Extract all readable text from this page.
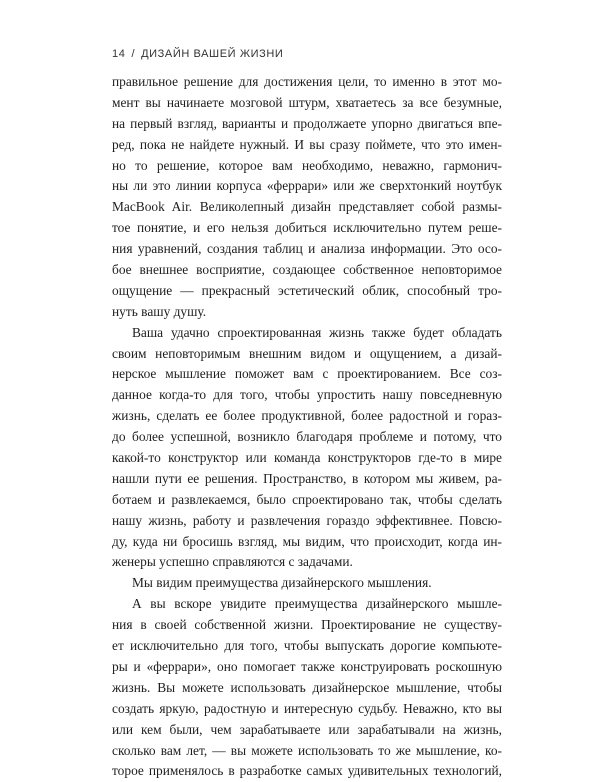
14 / ДИЗАЙН ВАШЕЙ ЖИЗНИ
правильное решение для достижения цели, то именно в этот мо-
мент вы начинаете мозговой штурм, хватаетесь за все безумные,
на первый взгляд, варианты и продолжаете упорно двигаться впе-
ред, пока не найдете нужный. И вы сразу поймете, что это имен-
но то решение, которое вам необходимо, неважно, гармонич-
ны ли это линии корпуса «феррари» или же сверхтонкий ноутбук
MacBook Air. Великолепный дизайн представляет собой размы-
тое понятие, и его нельзя добиться исключительно путем реше-
ния уравнений, создания таблиц и анализа информации. Это осо-
бое внешнее восприятие, создающее собственное неповторимое
ощущение — прекрасный эстетический облик, способный тро-
нуть вашу душу.
Ваша удачно спроектированная жизнь также будет обладать
своим неповторимым внешним видом и ощущением, а дизай-
нерское мышление поможет вам с проектированием. Все соз-
данное когда-то для того, чтобы упростить нашу повседневную
жизнь, сделать ее более продуктивной, более радостной и гораз-
до более успешной, возникло благодаря проблеме и потому, что
какой-то конструктор или команда конструкторов где-то в мире
нашли пути ее решения. Пространство, в котором мы живем, ра-
ботаем и развлекаемся, было спроектировано так, чтобы сделать
нашу жизнь, работу и развлечения гораздо эффективнее. Повсю-
ду, куда ни бросишь взгляд, мы видим, что происходит, когда ин-
женеры успешно справляются с задачами.
Мы видим преимущества дизайнерского мышления.
А вы вскоре увидите преимущества дизайнерского мышле-
ния в своей собственной жизни. Проектирование не существу-
ет исключительно для того, чтобы выпускать дорогие компьюте-
ры и «феррари», оно помогает также конструировать роскошную
жизнь. Вы можете использовать дизайнерское мышление, чтобы
создать яркую, радостную и интересную судьбу. Неважно, кто вы
или кем были, чем зарабатываете или зарабатывали на жизнь,
сколько вам лет, — вы можете использовать то же мышление, ко-
торое применялось в разработке самых удивительных технологий,
